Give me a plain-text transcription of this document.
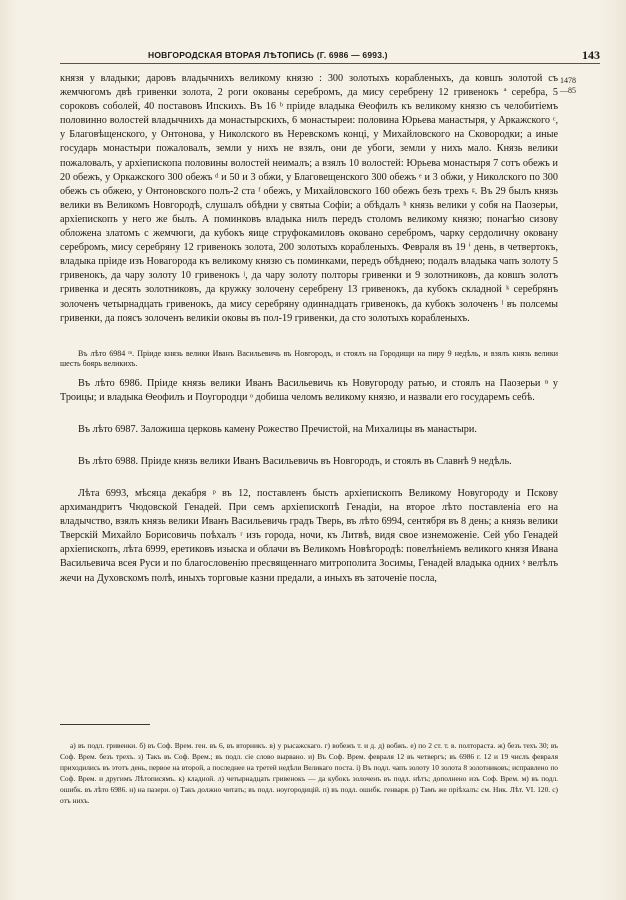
НОВГОРОДСКАЯ ВТОРАЯ ЛѢТОПИСЬ (Г. 6986 — 6993.)	143
1478
—85

князя у владыки; даровъ владычнихъ великому князю : 300 золотыхъ корабленыхъ, да ковшъ золотой съ жемчюгомъ двѣ гривенки золота, 2 роги окованы серебромъ, да мису серебрену 12 гривенокъ ª серебра, 5 сороковъ соболей, 40 поставовъ Ипскихъ. Въ 16 ᵇ прiиде владыка Ѳеофилъ къ великому князю съ челобитiемъ половинно волостей владычнихъ да монастырскихъ, 6 монастыреи: половина Юрьева манастыря, у Аркажского ᶜ, у Благовѣщенского, у Онтонова, у Николского въ Неревскомъ концi, у Михайловского на Сковородки; а иные государь монастыри пожаловалъ, земли у нихъ не взялъ, они де убоги, земли у нихъ мало. Князь велики пожаловалъ, у архiепископа половины волостей неималъ; а взялъ 10 волостей: Юрьева монастыря 7 сотъ обежъ и 20 обежъ, у Оркажского 300 обежъ ᵈ и 50 и 3 обжи, у Благовещенского 300 обежъ ᵉ и 3 обжи, у Николского по 300 обежъ съ обжею, у Онтоновского полъ-2 ста ᶠ обежъ, у Михайловского 160 обежъ безъ трехъ ᵍ. Въ 29 былъ князь велики въ Великомъ Новгородѣ, слушалъ обѣдни у святыа Софiи; а обѣдалъ ʰ князь велики у собя на Паозерьи, архiепископъ у него же былъ. А поминковъ владыка нилъ передъ столомъ великому князю; понагѣю сизову обложена златомъ с жемчюги, да кубокъ яице струфокамиловъ оковано серебромъ, чарку сердоличну оковану серебромъ, мису серебряну 12 гривенокъ золота, 200 золотыхъ корабленыхъ. Февраля въ 19 ⁱ день, в четвертокъ, владыка прiиде изъ Новагорода къ великому князю съ поминками, передъ обѣднею; подалъ владыка чапъ золоту 5 гривенокъ, да чару золоту 10 гривенокъ ʲ, да чару золоту полторы гривенки и 9 золотниковъ, да ковшъ золотъ гривенка и десять золотниковъ, да кружку золочену серебрену 13 гривенокъ, да кубокъ складной ᵏ серебрянъ золоченъ четырнадцать гривенокъ, да мису серебряну одиннадцать гривенокъ, да кубокъ золоченъ ˡ въ полсемы гривенки, да поясъ золоченъ великiи оковы въ пол-19 гривенки, да сто золотыхъ корабленыхъ.

Въ лѣто 6984 ᵐ. Прiиде князь велики Иванъ Васильевичь въ Новгородъ, и стоялъ на Городищи на пиру 9 недѣль, и взялъ князь велики шесть боярь великихъ.

Въ лѣто 6986. Прiиде князь велики Иванъ Васильевичь къ Новугороду ратью, и стоялъ на Паозерьи ⁿ у Троицы; и владыка Ѳеофилъ и Поугородци ᵒ добиша челомъ великому князю, и назвали его государемъ себѣ.

Въ лѣто 6987. Заложиша церковь камену Рожество Пречистой, на Михалицы въ манастыри.

Въ лѣто 6988. Прiиде князь велики Иванъ Васильевичь въ Новгородъ, и стоялъ въ Славнѣ 9 недѣль.

Лѣта 6993, мѣсяца декабря ᵖ въ 12, поставленъ бысть архiепископъ Великому Новугороду и Псковy архимандритъ Чюдовской Генадей. При семъ архiепископѣ Генадiи, на второе лѣто поставленiа его на владычство, взялъ князь велики Иванъ Васильевичь градъ Тверь, въ лѣто 6994, сентября въ 8 день; а князь велики Тверскiй Михайло Борисовичь поѣхалъ ʳ изъ города, ночи, къ Литвѣ, видя свое изнеможенiе. Сей убо Генадей архiепископъ, лѣта 6999, еретиковъ изыска и облачи въ Великомъ Новѣгородѣ: повелѣнiемъ великого князя Ивана Васильевича всея Руси и по благословенiю пресвященнаго митрополита Зосимы, Генадей владыка одних ˢ велѣлъ жечи на Духовскомъ полѣ, иныхъ торговые казни предали, а иныхъ въ заточенiе посла,

а) въ подл. гривенки. б) въ Соф. Врем. ген. въ 6, въ вторникъ. в) у рысажскаго. г) вобежъ т. и д. д) вобжъ. е) по 2 ст. т. в. полтораста. ж) безъ техъ 30; въ Соф. Врем. безъ трехъ. з) Такъ въ Соф. Врем.; въ подл. сiе слово вырвано. и) Въ Соф. Врем. февраля 12 въ четвергъ; въ 6986 г. 12 и 19 числъ февраля приходились въ этотъ день, первое на второй, а последнее на третей недѣли Великаго поста. i) Въ подл. чапъ золоту 10 золота 8 золотниковъ; исправлено по Соф. Врем. и другимъ Лѣтописямъ. к) кладной. л) четырнадцать гривенокъ — да кубокъ золоченъ въ подл. нѣтъ; дополнено изъ Соф. Врем. м) въ подл. ошибк. въ лѣто 6986. н) на пазери. о) Такъ должно читать; въ подл. ноугородицiй. п) въ подл. ошибк. генваря. р) Тамъ же прiѣхалъ: см. Ник. Лѣт. VI. 120. с) отъ нихъ.
